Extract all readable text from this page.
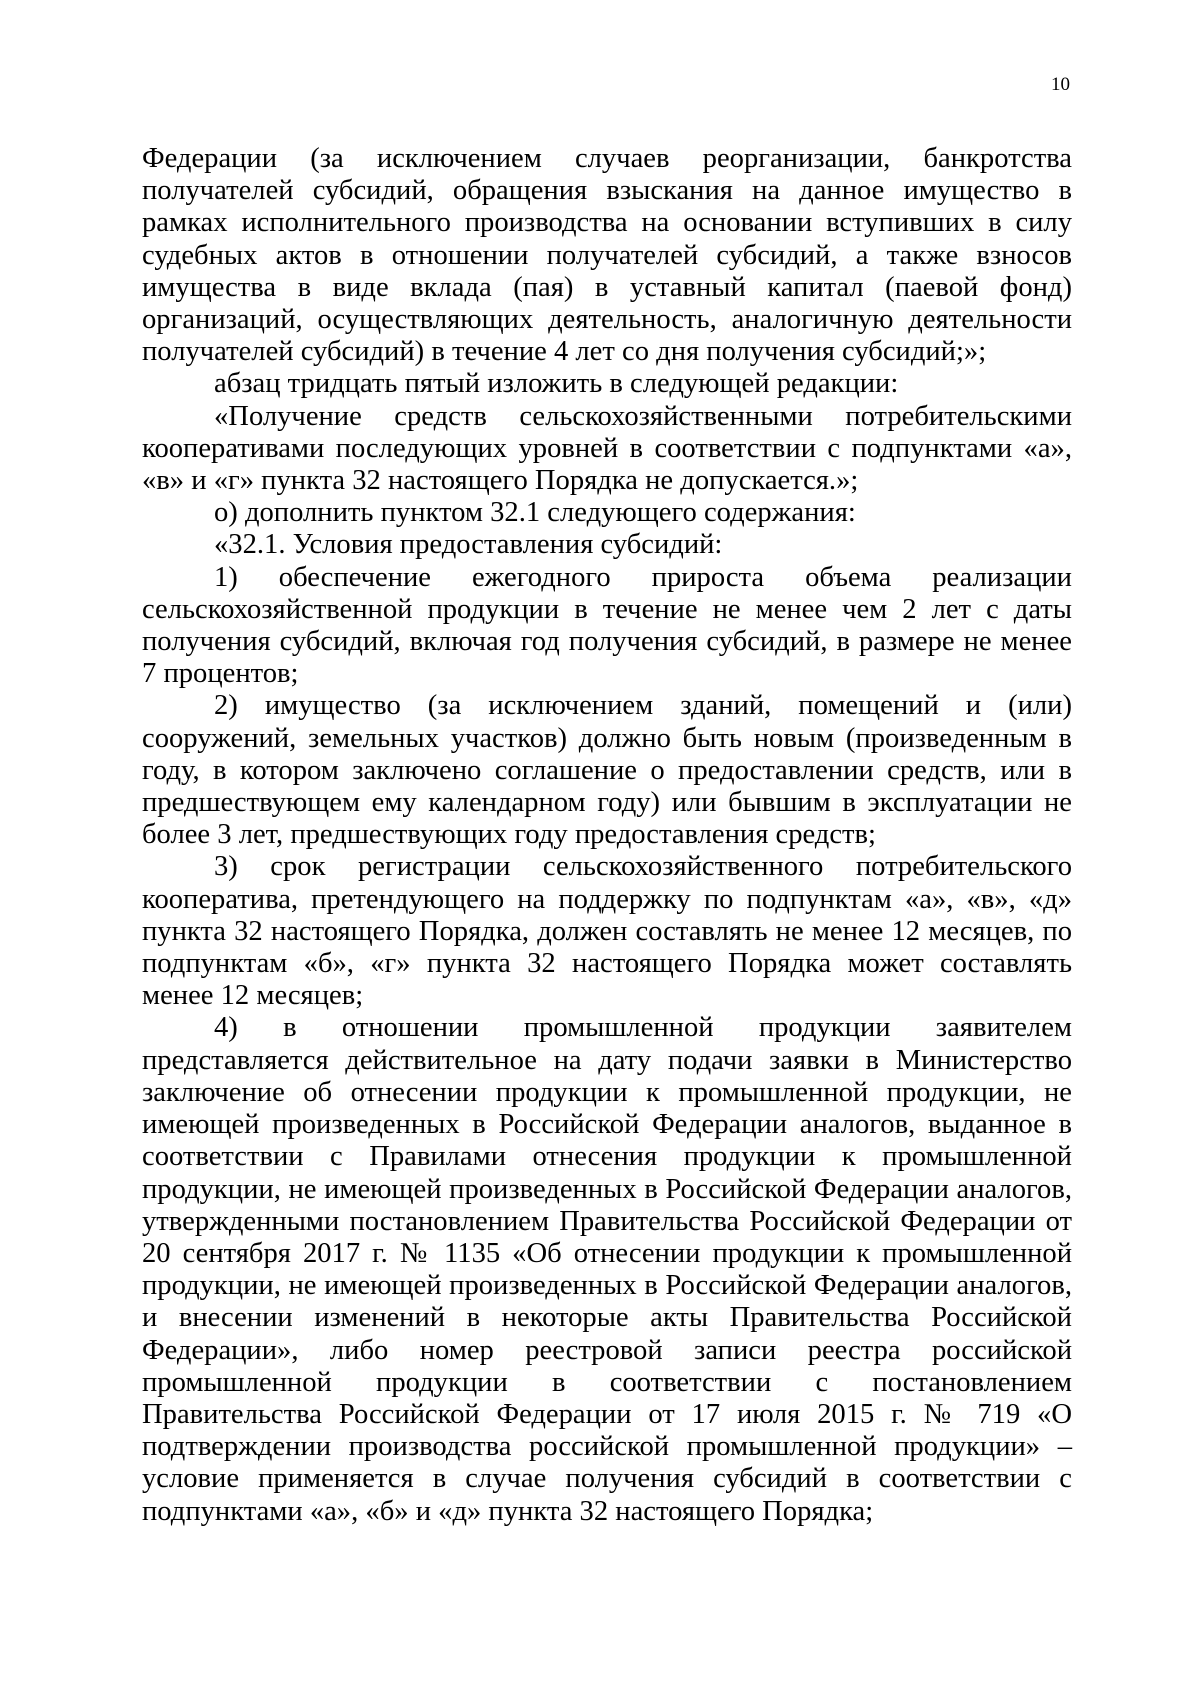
10

Федерации (за исключением случаев реорганизации, банкротства получателей субсидий, обращения взыскания на данное имущество в рамках исполнительного производства на основании вступивших в силу судебных актов в отношении получателей субсидий, а также взносов имущества в виде вклада (пая) в уставный капитал (паевой фонд) организаций, осуществляющих деятельность, аналогичную деятельности получателей субсидий) в течение 4 лет со дня получения субсидий;»;

абзац тридцать пятый изложить в следующей редакции:

«Получение средств сельскохозяйственными потребительскими кооперативами последующих уровней в соответствии с подпунктами «а», «в» и «г» пункта 32 настоящего Порядка не допускается.»;

о) дополнить пунктом 32.1 следующего содержания:

«32.1. Условия предоставления субсидий:

1) обеспечение ежегодного прироста объема реализации сельскохозяйственной продукции в течение не менее чем 2 лет с даты получения субсидий, включая год получения субсидий, в размере не менее 7 процентов;

2) имущество (за исключением зданий, помещений и (или) сооружений, земельных участков) должно быть новым (произведенным в году, в котором заключено соглашение о предоставлении средств, или в предшествующем ему календарном году) или бывшим в эксплуатации не более 3 лет, предшествующих году предоставления средств;

3) срок регистрации сельскохозяйственного потребительского кооператива, претендующего на поддержку по подпунктам «а», «в», «д» пункта 32 настоящего Порядка, должен составлять не менее 12 месяцев, по подпунктам «б», «г» пункта 32 настоящего Порядка может составлять менее 12 месяцев;

4) в отношении промышленной продукции заявителем представляется действительное на дату подачи заявки в Министерство заключение об отнесении продукции к промышленной продукции, не имеющей произведенных в Российской Федерации аналогов, выданное в соответствии с Правилами отнесения продукции к промышленной продукции, не имеющей произведенных в Российской Федерации аналогов, утвержденными постановлением Правительства Российской Федерации от 20 сентября 2017 г. № 1135 «Об отнесении продукции к промышленной продукции, не имеющей произведенных в Российской Федерации аналогов, и внесении изменений в некоторые акты Правительства Российской Федерации», либо номер реестровой записи реестра российской промышленной продукции в соответствии с постановлением Правительства Российской Федерации от 17 июля 2015 г. № 719 «О подтверждении производства российской промышленной продукции» – условие применяется в случае получения субсидий в соответствии с подпунктами «а», «б» и «д» пункта 32 настоящего Порядка;
